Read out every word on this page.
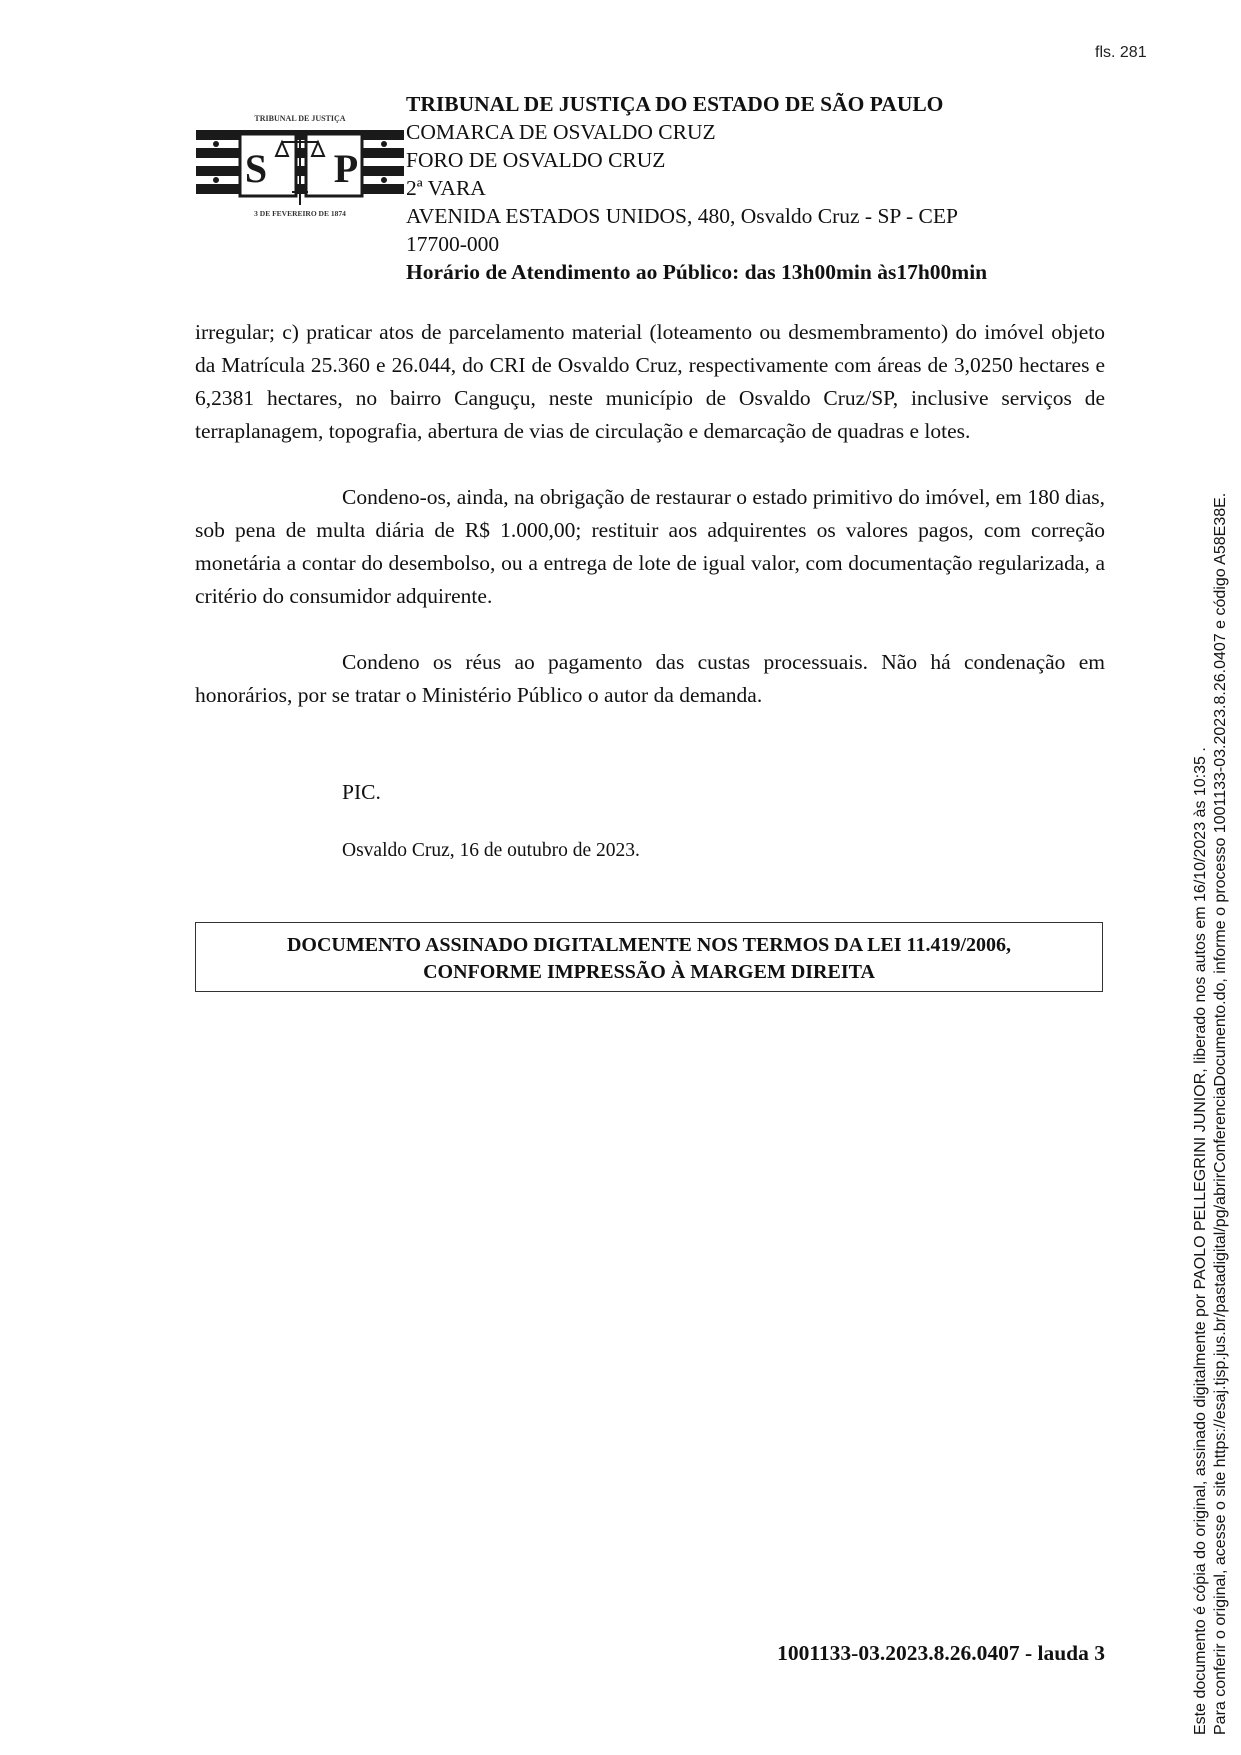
fls. 281
TRIBUNAL DE JUSTIÇA
S P
3 DE FEVEREIRO DE 1874
TRIBUNAL DE JUSTIÇA DO ESTADO DE SÃO PAULO
COMARCA DE OSVALDO CRUZ
FORO DE OSVALDO CRUZ
2ª VARA
AVENIDA ESTADOS UNIDOS, 480, Osvaldo Cruz - SP - CEP
17700-000
Horário de Atendimento ao Público: das 13h00min às17h00min

irregular; c) praticar atos de parcelamento material (loteamento ou desmembramento) do imóvel objeto da Matrícula 25.360 e 26.044, do CRI de Osvaldo Cruz, respectivamente com áreas de 3,0250 hectares e 6,2381 hectares, no bairro Canguçu, neste município de Osvaldo Cruz/SP, inclusive serviços de terraplanagem, topografia, abertura de vias de circulação e demarcação de quadras e lotes.

Condeno-os, ainda, na obrigação de restaurar o estado primitivo do imóvel, em 180 dias, sob pena de multa diária de R$ 1.000,00; restituir aos adquirentes os valores pagos, com correção monetária a contar do desembolso, ou a entrega de lote de igual valor, com documentação regularizada, a critério do consumidor adquirente.

Condeno os réus ao pagamento das custas processuais. Não há condenação em honorários, por se tratar o Ministério Público o autor da demanda.

PIC.
Osvaldo Cruz, 16 de outubro de 2023.
DOCUMENTO ASSINADO DIGITALMENTE NOS TERMOS DA LEI 11.419/2006,
CONFORME IMPRESSÃO À MARGEM DIREITA
1001133-03.2023.8.26.0407 - lauda 3	Este documento é cópia do original, assinado digitalmente por PAOLO PELLEGRINI JUNIOR, liberado nos autos em 16/10/2023 às 10:35 . Para conferir o original, acesse o site https://esaj.tjsp.jus.br/pastadigital/pg/abrirConferenciaDocumento.do, informe o processo 1001133-03.2023.8.26.0407 e código A58E38E.
